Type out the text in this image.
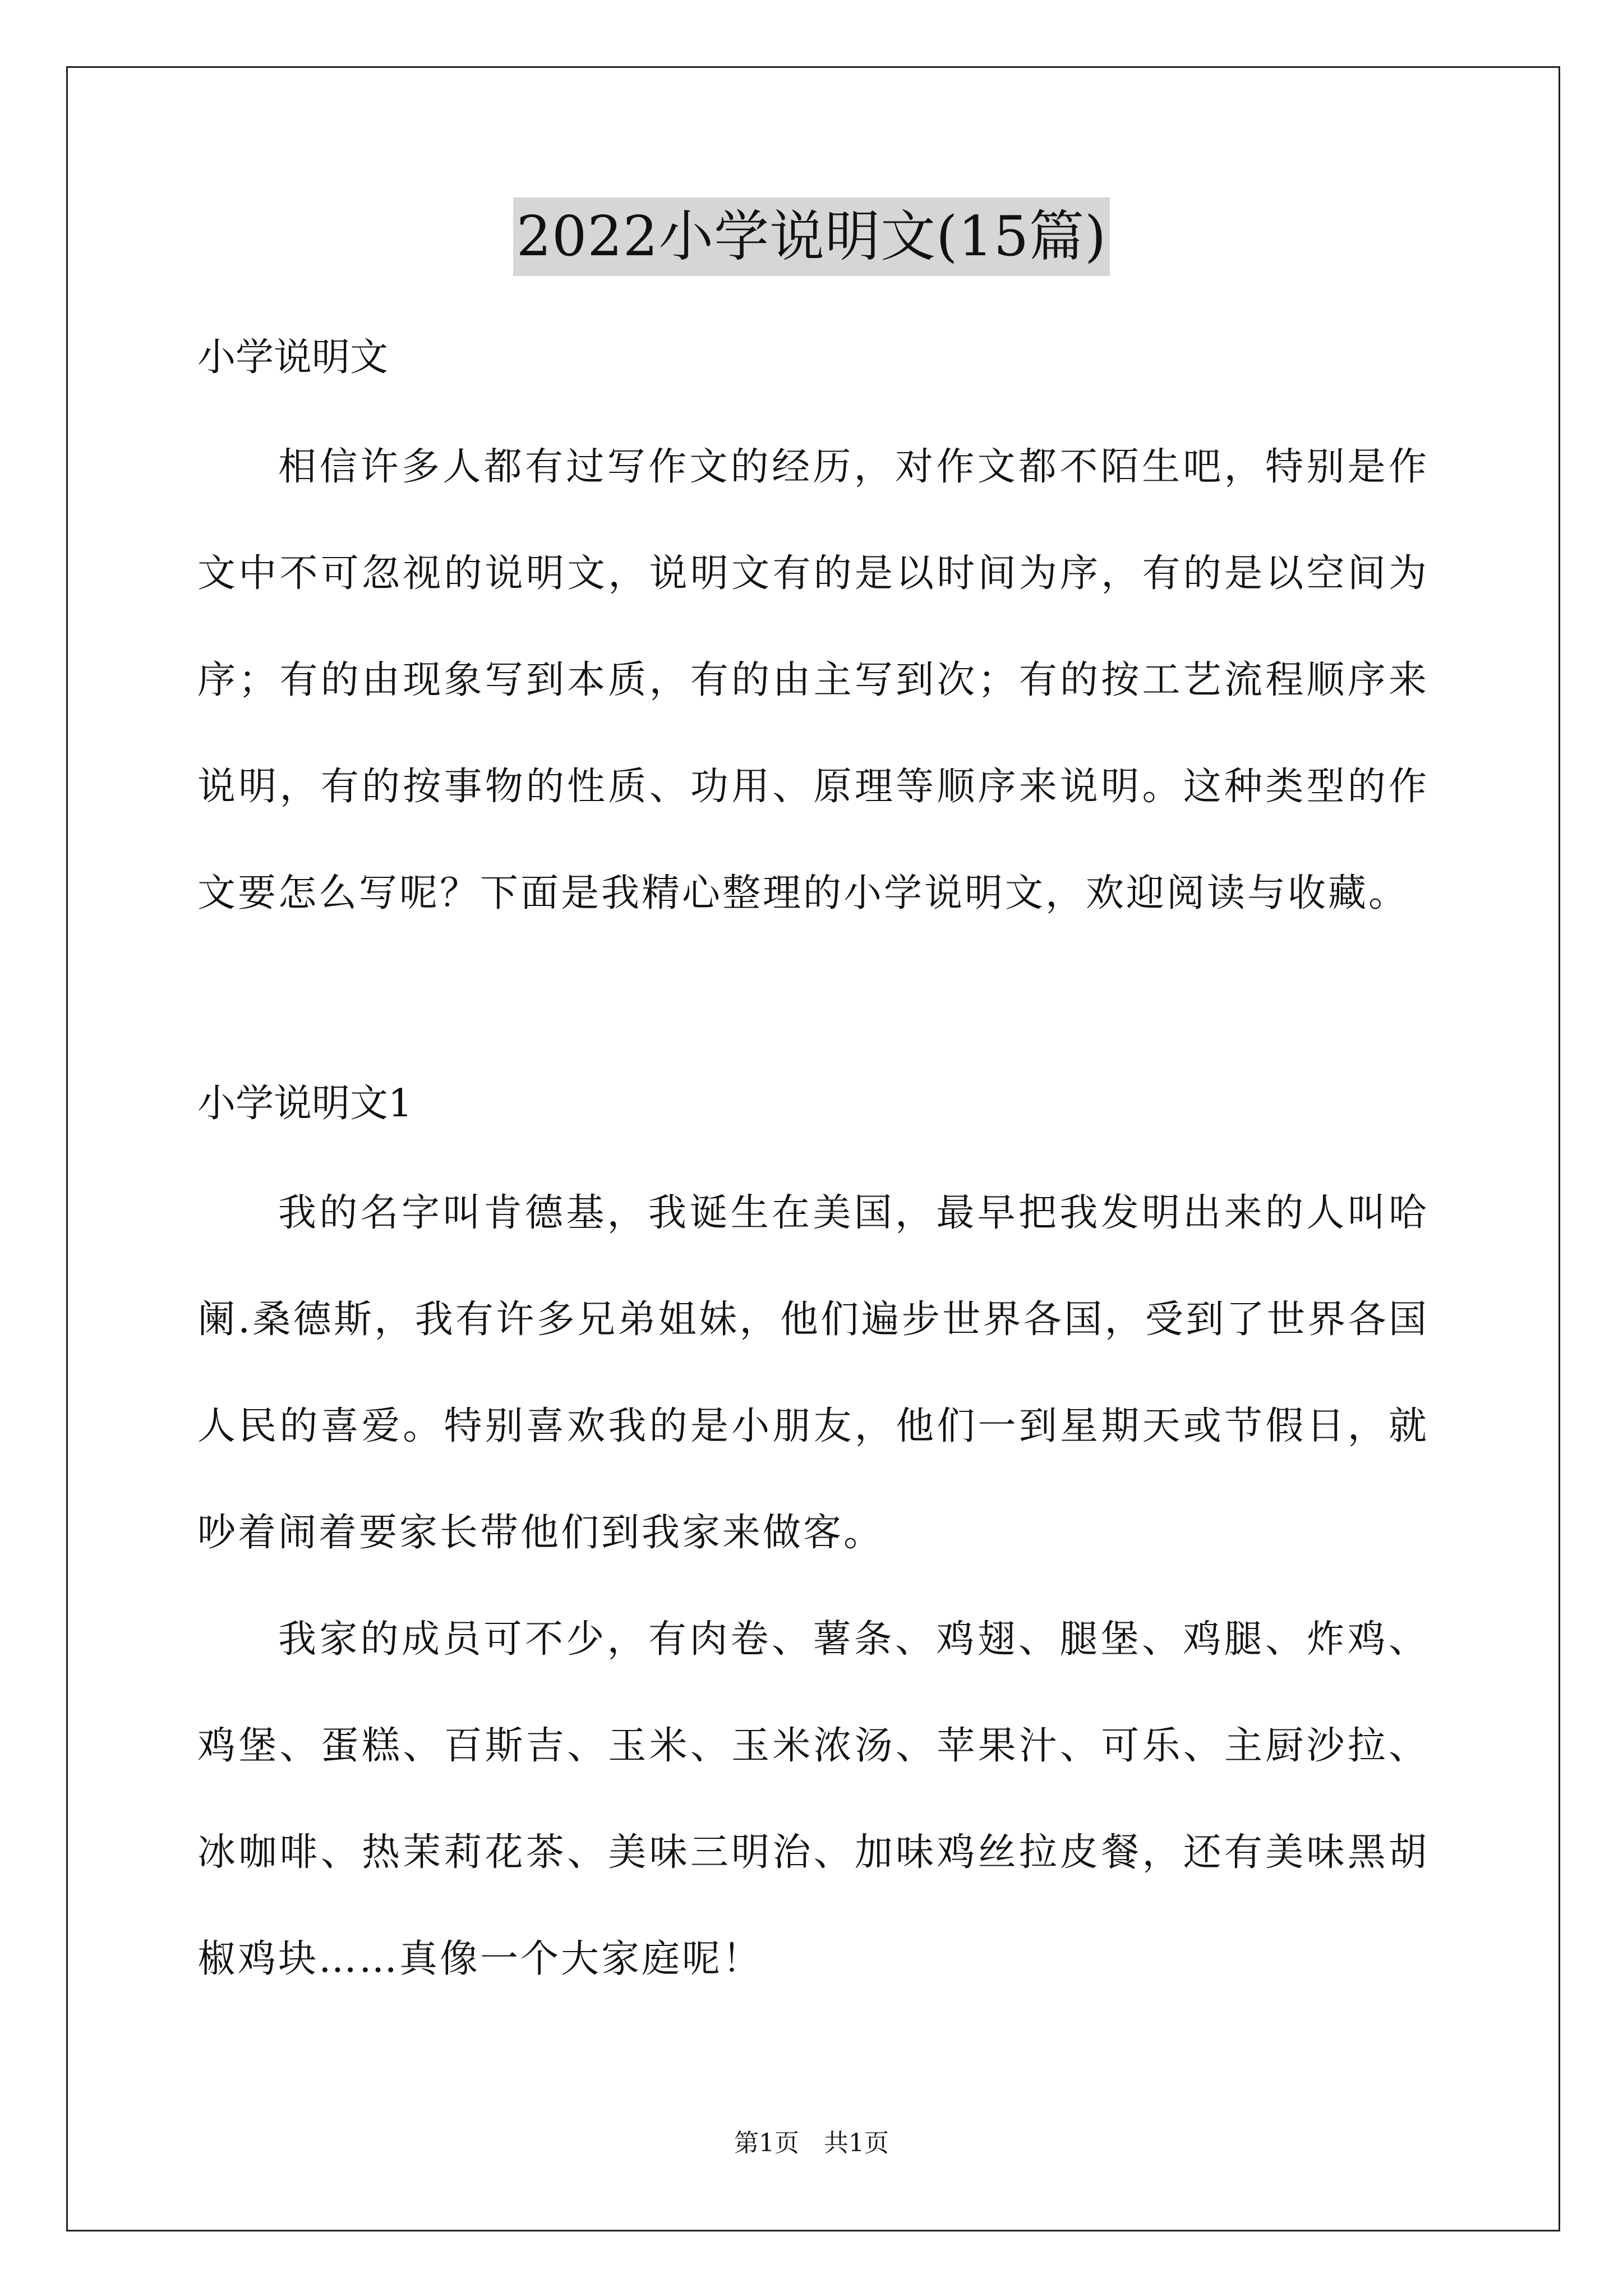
2022小学说明文(15篇)
小学说明文

相信许多人都有过写作文的经历，对作文都不陌生吧，特别是作文中不可忽视的说明文，说明文有的是以时间为序，有的是以空间为序；有的由现象写到本质，有的由主写到次；有的按工艺流程顺序来说明，有的按事物的性质、功用、原理等顺序来说明。这种类型的作文要怎么写呢？下面是我精心整理的小学说明文，欢迎阅读与收藏。

小学说明文1

我的名字叫肯德基，我诞生在美国，最早把我发明出来的人叫哈阑.桑德斯，我有许多兄弟姐妹，他们遍步世界各国，受到了世界各国人民的喜爱。特别喜欢我的是小朋友，他们一到星期天或节假日，就吵着闹着要家长带他们到我家来做客。

我家的成员可不少，有肉卷、薯条、鸡翅、腿堡、鸡腿、炸鸡、鸡堡、蛋糕、百斯吉、玉米、玉米浓汤、苹果汁、可乐、主厨沙拉、冰咖啡、热茉莉花茶、美味三明治、加味鸡丝拉皮餐，还有美味黑胡椒鸡块……真像一个大家庭呢！

第1页　共1页
